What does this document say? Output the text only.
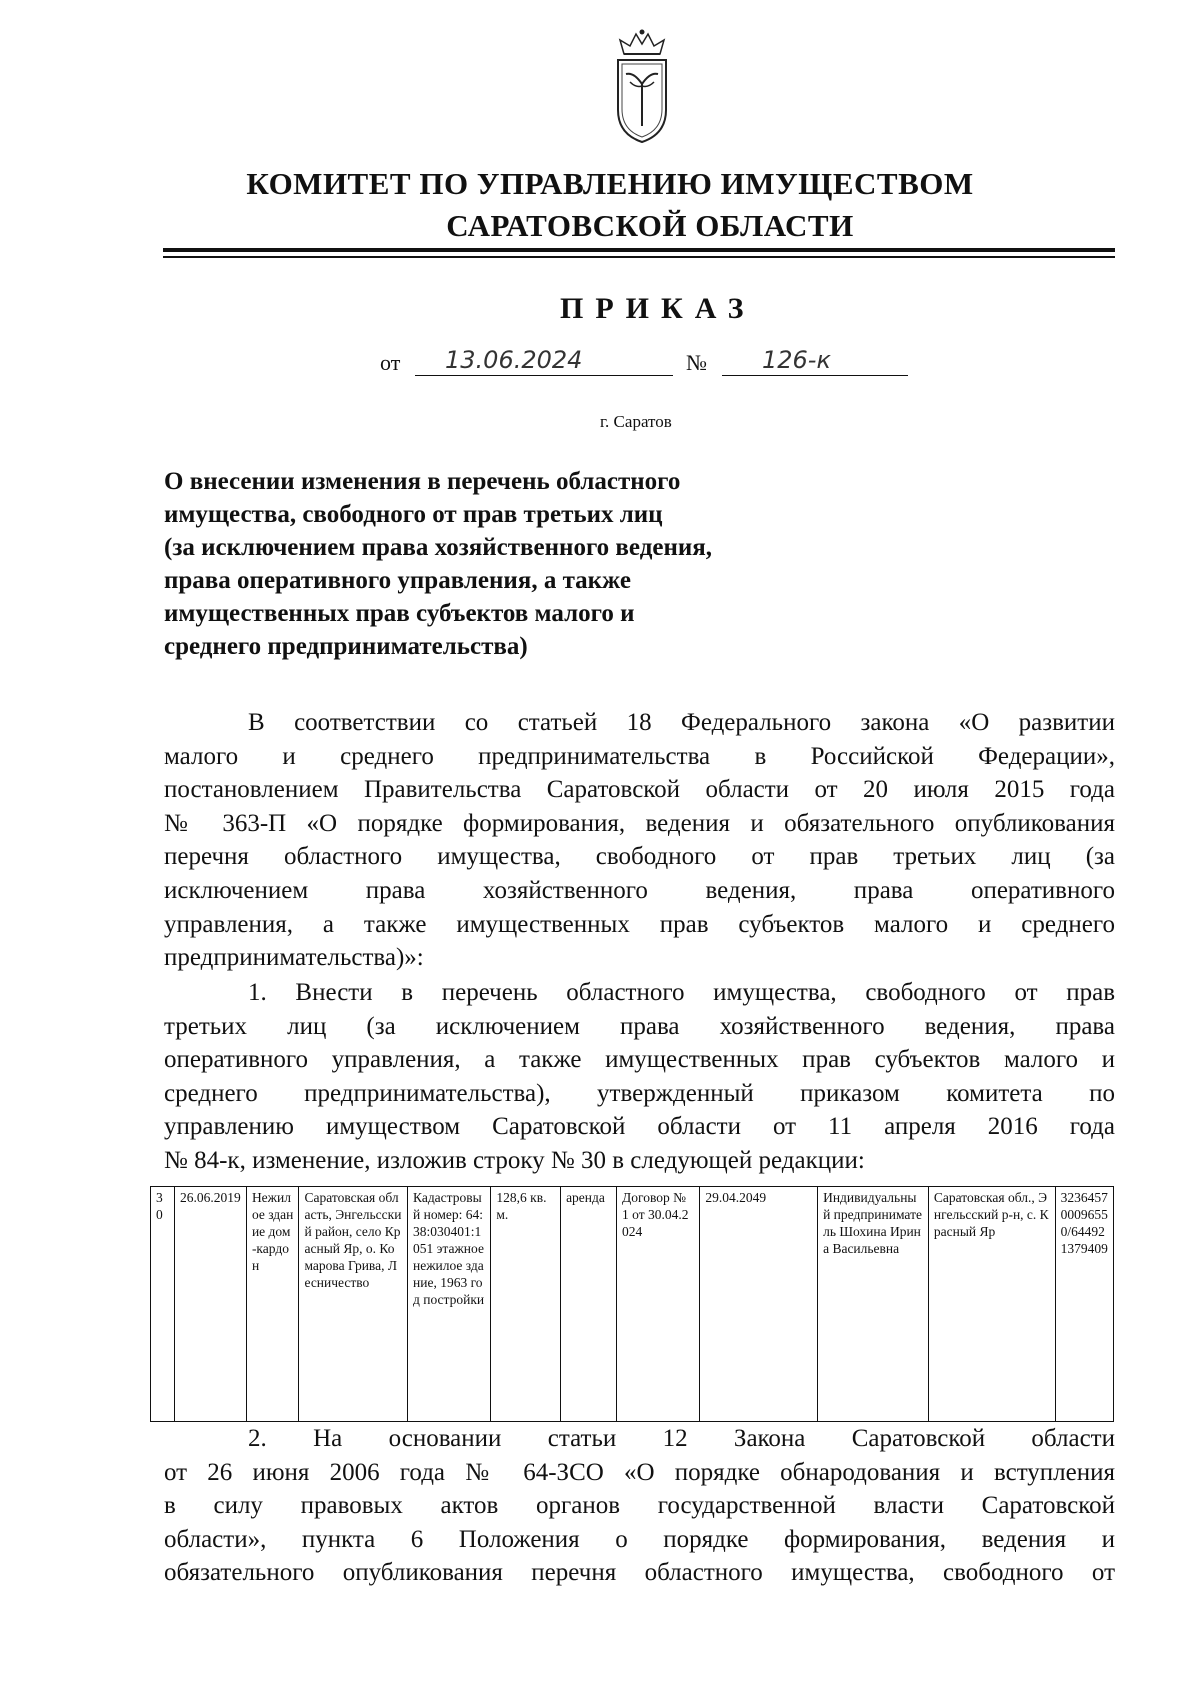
КОМИТЕТ ПО УПРАВЛЕНИЮ ИМУЩЕСТВОМ
САРАТОВСКОЙ ОБЛАСТИ
ПРИКАЗ
от 13.06.2024	№ 126-к
г. Саратов
О внесении изменения в перечень областного
имущества, свободного от прав третьих лиц
(за исключением права хозяйственного ведения,
права оперативного управления, а также
имущественных прав субъектов малого и
среднего предпринимательства)
В соответствии со статьей 18 Федерального закона «О развитии
малого и среднего предпринимательства в Российской Федерации»,
постановлением Правительства Саратовской области от 20 июля 2015 года
№ 363-П «О порядке формирования, ведения и обязательного опубликования
перечня областного имущества, свободного от прав третьих лиц (за
исключением права хозяйственного ведения, права оперативного
управления, а также имущественных прав субъектов малого и среднего
предпринимательства)»:
1. Внести в перечень областного имущества, свободного от прав
третьих лиц (за исключением права хозяйственного ведения, права
оперативного управления, а также имущественных прав субъектов малого и
среднего предпринимательства), утвержденный приказом комитета по
управлению имуществом Саратовской области от 11 апреля 2016 года
№ 84-к, изменение, изложив строку № 30 в следующей редакции:
30	26.06.2019	Нежилое здание дом-кардон	Саратовская область, Энгельсский район, село Красный Яр, о. Комарова Грива, Лесничество	Кадастровый номер: 64:38:030401:1051 этажное нежилое здание, 1963 год постройки	128,6 кв.м.	аренда	Договор № 1 от 30.04.2024	29.04.2049	Индивидуальный предприниматель Шохина Ирина Васильевна	Саратовская обл., Энгельсский р-н, с. Красный Яр	323645700096550/644921379409
2. На основании статьи 12 Закона Саратовской области
от 26 июня 2006 года № 64-ЗСО «О порядке обнародования и вступления
в силу правовых актов органов государственной власти Саратовской
области», пункта 6 Положения о порядке формирования, ведения и
обязательного опубликования перечня областного имущества, свободного от
